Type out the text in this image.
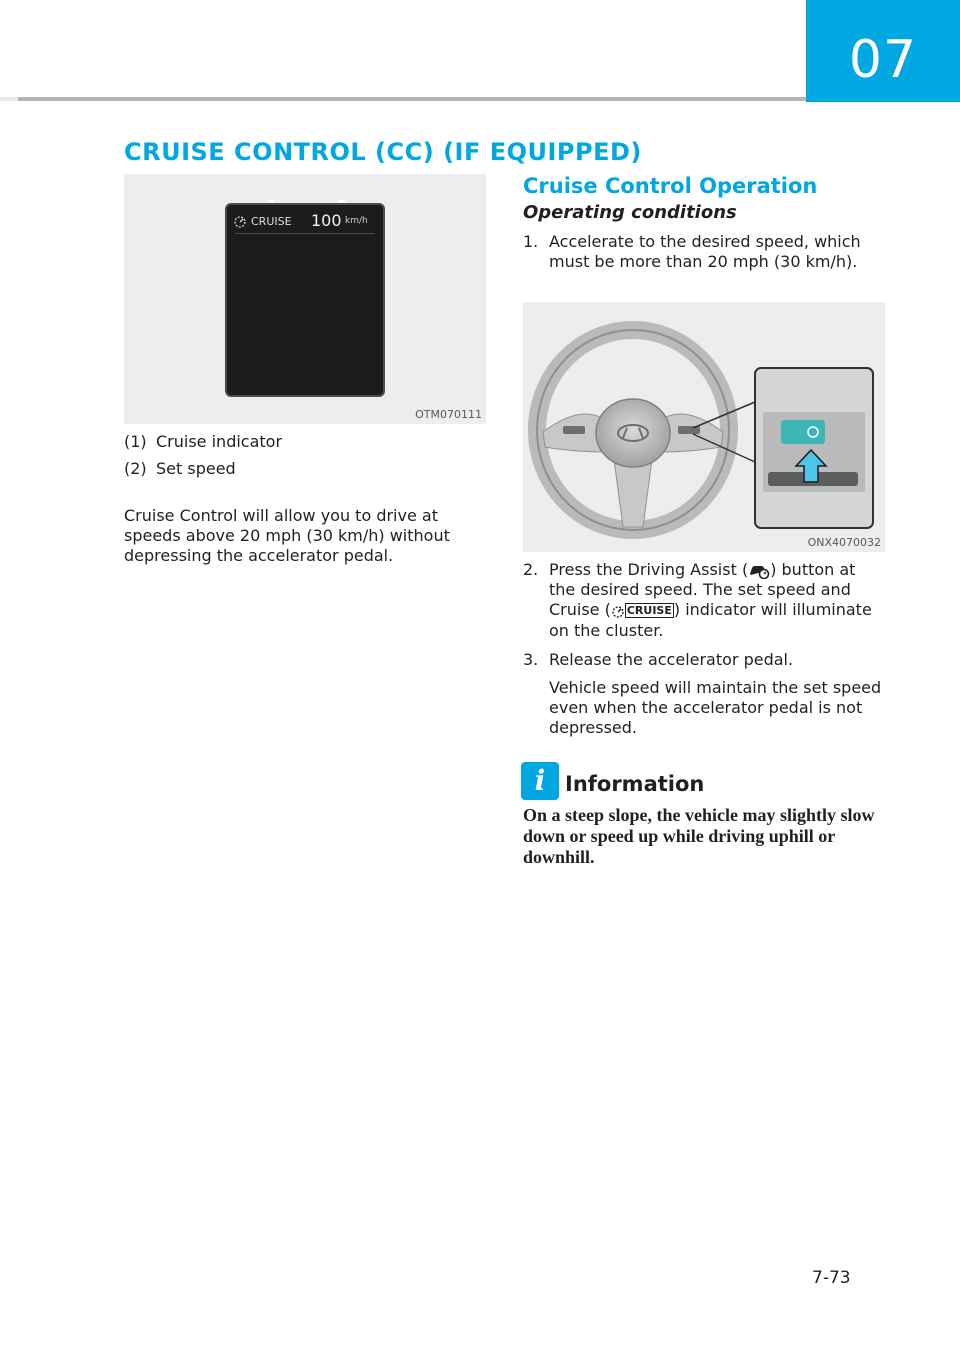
07
CRUISE CONTROL (CC) (IF EQUIPPED)
CRUISE 100 km/h
OTM070111
(1) Cruise indicator
(2) Set speed
Cruise Control will allow you to drive at speeds above 20 mph (30 km/h) without depressing the accelerator pedal.
Cruise Control Operation
Operating conditions
1. Accelerate to the desired speed, which must be more than 20 mph (30 km/h).
ONX4070032
2. Press the Driving Assist ( ) button at the desired speed. The set speed and Cruise ( CRUISE ) indicator will illuminate on the cluster.
3. Release the accelerator pedal.
Vehicle speed will maintain the set speed even when the accelerator pedal is not depressed.
i Information
On a steep slope, the vehicle may slightly slow down or speed up while driving uphill or downhill.
7-73
